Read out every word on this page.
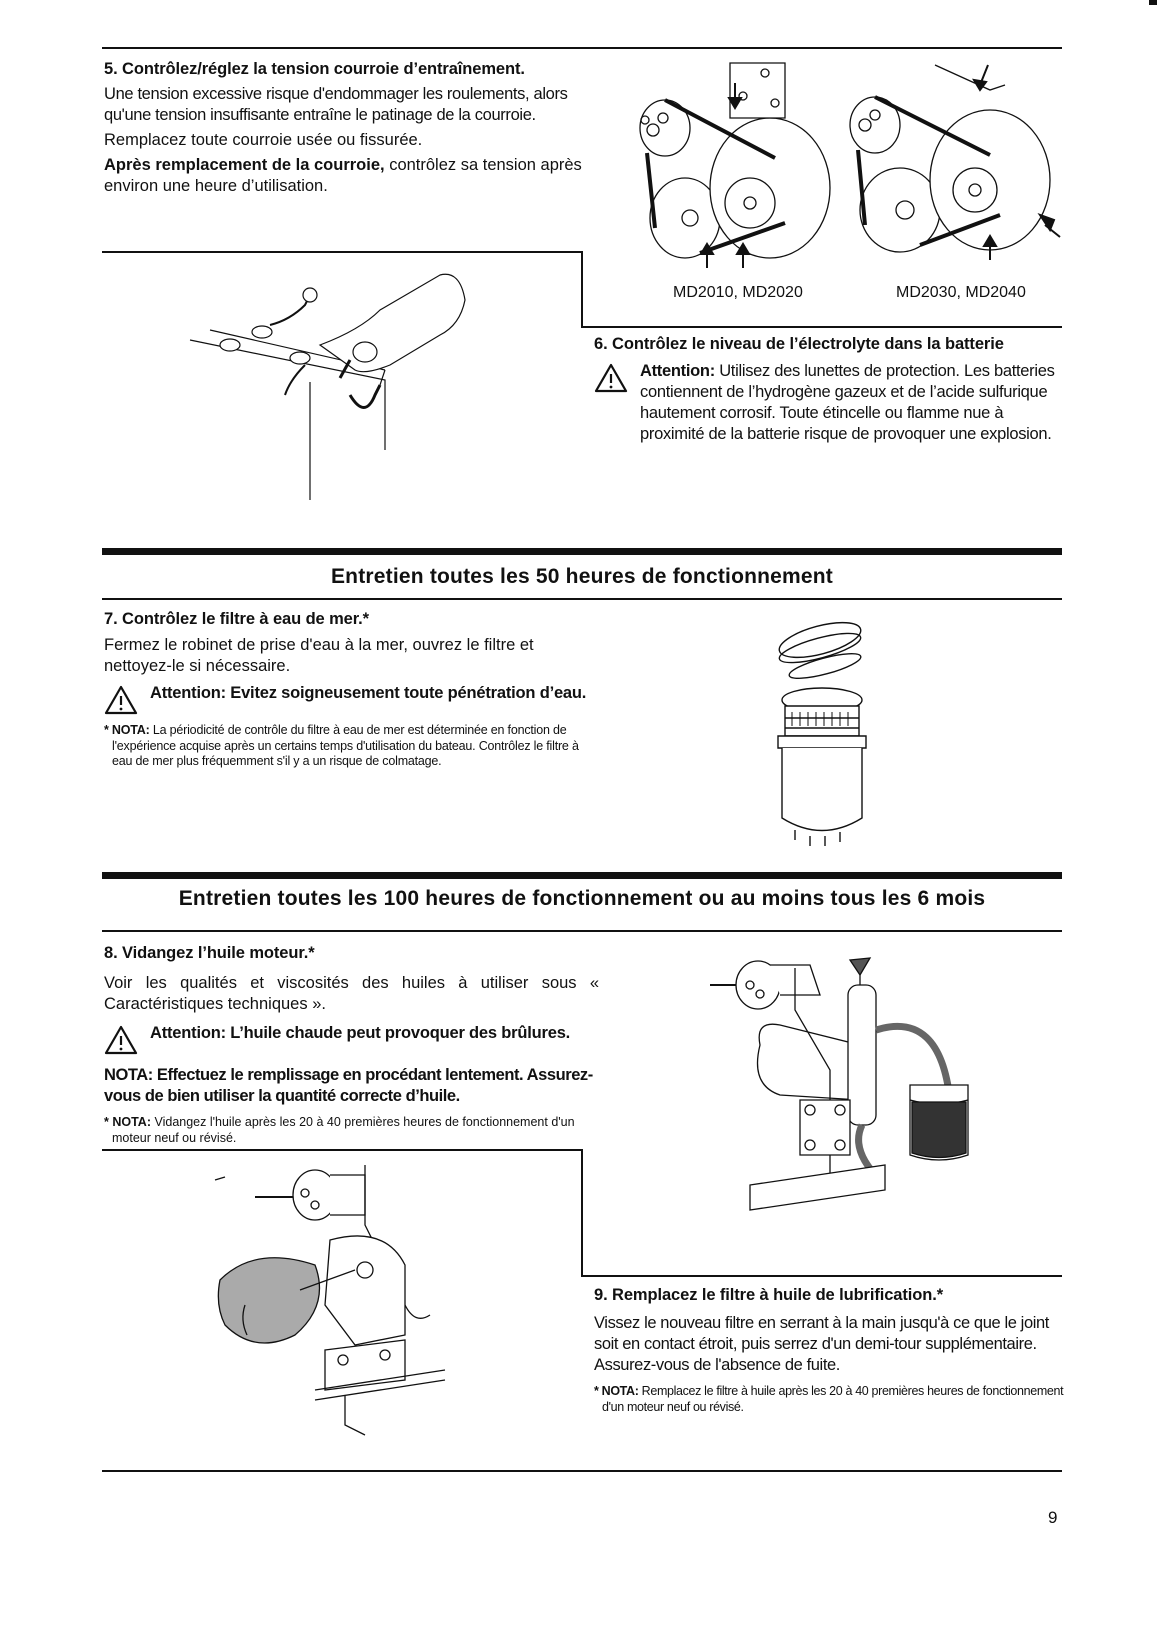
5. Contrôlez/réglez la tension courroie d’entraînement.
Une tension excessive risque d'endommager les roulements, alors qu'une tension insuffisante entraîne le patinage de la courroie.
Remplacez toute courroie usée ou fissurée.
Après remplacement de la courroie, contrôlez sa tension après environ une heure d’utilisation.
MD2010, MD2020	MD2030, MD2040
6. Contrôlez le niveau de l’électrolyte dans la batterie
Attention: Utilisez des lunettes de protection. Les batteries contiennent de l’hydrogène gazeux et de l’acide sulfurique hautement corrosif. Toute étincelle ou flamme nue à proximité de la batterie risque de provoquer une explosion.
Entretien toutes les 50 heures de fonctionnement
7. Contrôlez le filtre à eau de mer.*
Fermez le robinet de prise d'eau à la mer, ouvrez le filtre et nettoyez-le si nécessaire.
Attention: Evitez soigneusement toute pénétration d’eau.
* NOTA: La périodicité de contrôle du filtre à eau de mer est déterminée en fonction de l'expérience acquise après un certains temps d'utilisation du bateau. Contrôlez le filtre à eau de mer plus fréquemment s'il y a un risque de colmatage.
Entretien toutes les 100 heures de fonctionnement ou au moins tous les 6 mois
8. Vidangez l’huile moteur.*
Voir les qualités et viscosités des huiles à utiliser sous « Caractéristiques techniques ».
Attention: L’huile chaude peut provoquer des brûlures.
NOTA: Effectuez le remplissage en procédant lentement. Assurez-vous de bien utiliser la quantité correcte d’huile.
* NOTA: Vidangez l'huile après les 20 à 40 premières heures de fonctionnement d'un moteur neuf ou révisé.
9. Remplacez le filtre à huile de lubrification.*
Vissez le nouveau filtre en serrant à la main jusqu'à ce que le joint soit en contact étroit, puis serrez d'un demi-tour supplémentaire. Assurez-vous de l'absence de fuite.
* NOTA: Remplacez le filtre à huile après les 20 à 40 premières heures de fonctionnement d'un moteur neuf ou révisé.
9
